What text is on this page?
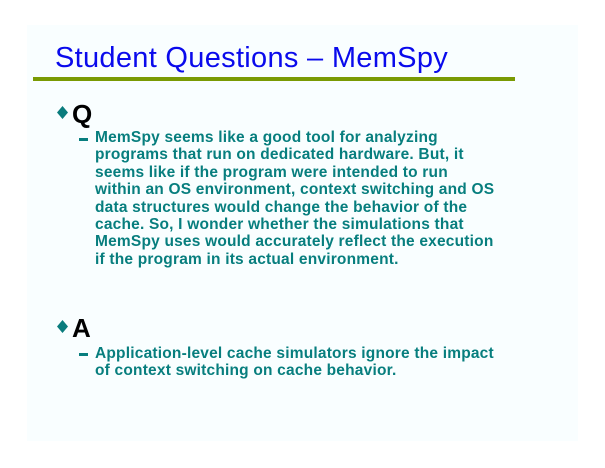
Student Questions – MemSpy
Q
MemSpy seems like a good tool for analyzing
programs that run on dedicated hardware. But, it
seems like if the program were intended to run
within an OS environment, context switching and OS
data structures would change the behavior of the
cache. So, I wonder whether the simulations that
MemSpy uses would accurately reflect the execution
if the program in its actual environment.
A
Application-level cache simulators ignore the impact
of context switching on cache behavior.
